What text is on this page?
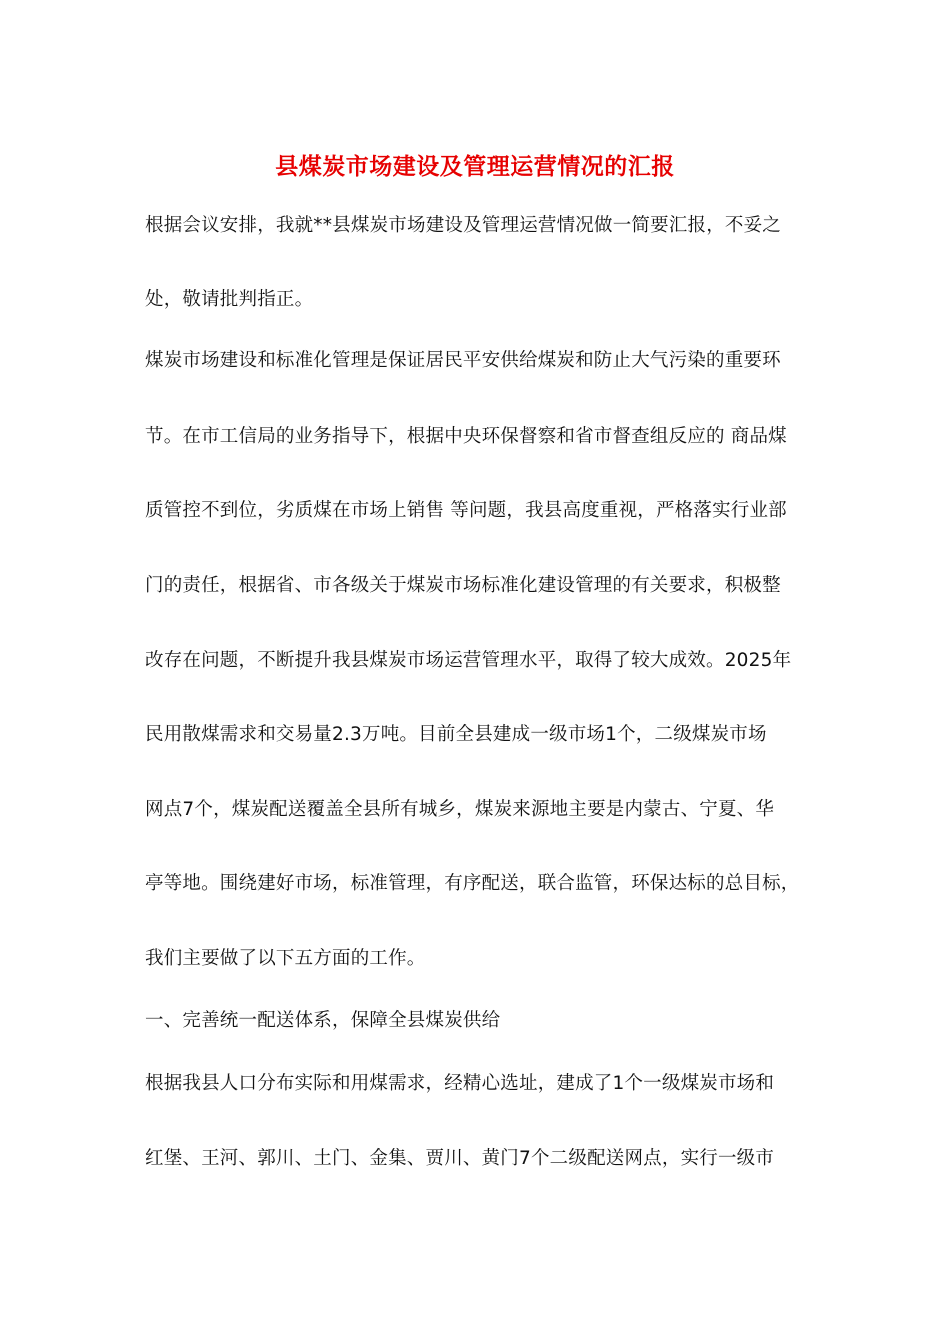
县煤炭市场建设及管理运营情况的汇报
根据会议安排，我就**县煤炭市场建设及管理运营情况做一简要汇报，不妥之
处，敬请批判指正。
煤炭市场建设和标准化管理是保证居民平安供给煤炭和防止大气污染的重要环
节。在市工信局的业务指导下，根据中央环保督察和省市督查组反应的 商品煤
质管控不到位，劣质煤在市场上销售 等问题，我县高度重视，严格落实行业部
门的责任，根据省、市各级关于煤炭市场标准化建设管理的有关要求，积极整
改存在问题，不断提升我县煤炭市场运营管理水平，取得了较大成效。2025年
民用散煤需求和交易量2.3万吨。目前全县建成一级市场1个，二级煤炭市场
网点7个，煤炭配送覆盖全县所有城乡，煤炭来源地主要是内蒙古、宁夏、华
亭等地。围绕建好市场，标准管理，有序配送，联合监管，环保达标的总目标，
我们主要做了以下五方面的工作。
一、完善统一配送体系，保障全县煤炭供给
根据我县人口分布实际和用煤需求，经精心选址，建成了1个一级煤炭市场和
红堡、王河、郭川、土门、金集、贾川、黄门7个二级配送网点，实行一级市
